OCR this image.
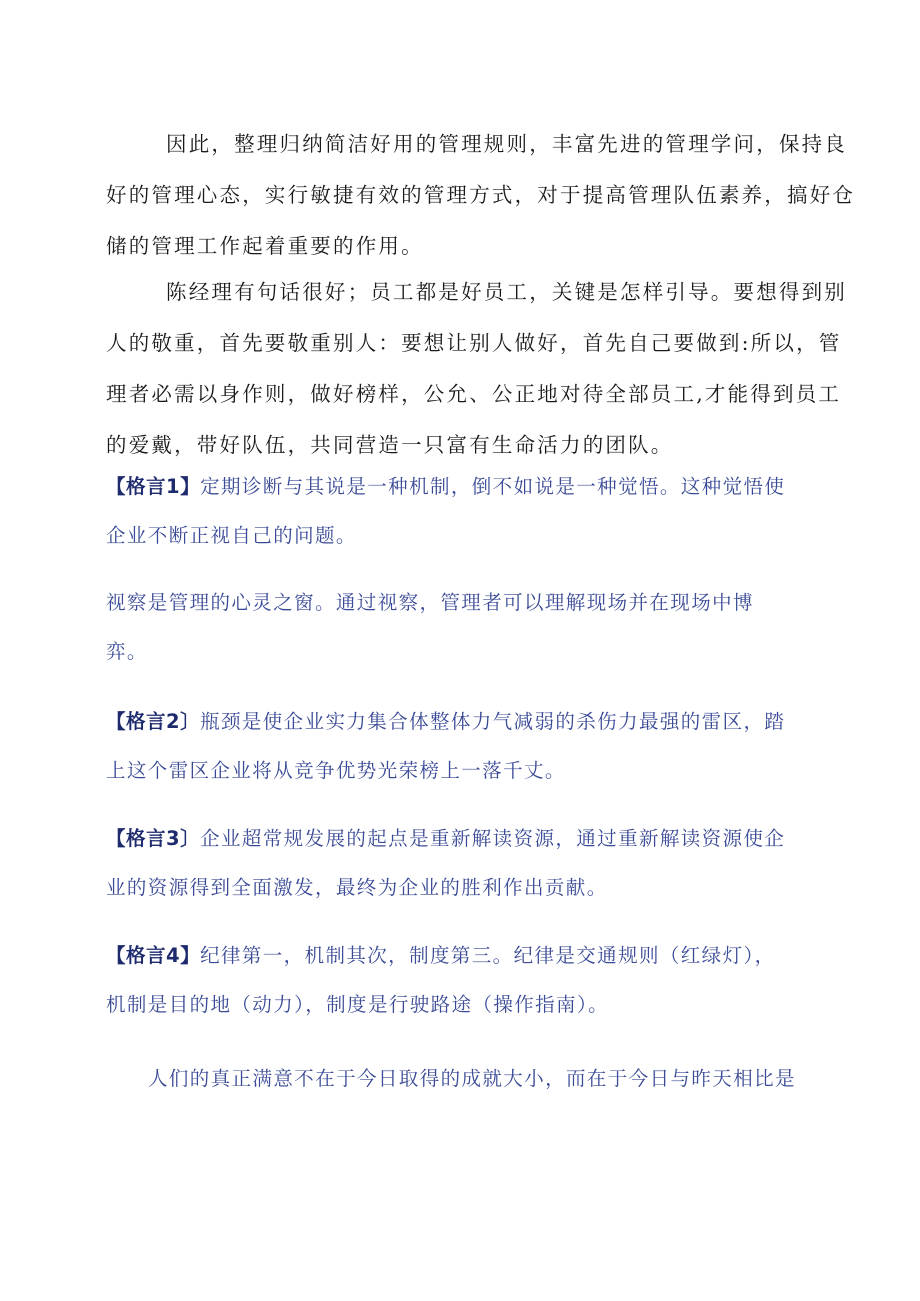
因此，整理归纳简洁好用的管理规则，丰富先进的管理学问，保持良
好的管理心态，实行敏捷有效的管理方式，对于提高管理队伍素养，搞好仓
储的管理工作起着重要的作用。

陈经理有句话很好；员工都是好员工，关键是怎样引导。要想得到别
人的敬重，首先要敬重别人：要想让别人做好，首先自己要做到:所以，管
理者必需以身作则，做好榜样，公允、公正地对待全部员工,才能得到员工
的爱戴，带好队伍，共同营造一只富有生命活力的团队。

【格言1】定期诊断与其说是一种机制，倒不如说是一种觉悟。这种觉悟使
企业不断正视自己的问题。

视察是管理的心灵之窗。通过视察，管理者可以理解现场并在现场中博
弈。

【格言2〕瓶颈是使企业实力集合体整体力气减弱的杀伤力最强的雷区，踏
上这个雷区企业将从竞争优势光荣榜上一落千丈。

【格言3〕企业超常规发展的起点是重新解读资源，通过重新解读资源使企
业的资源得到全面激发，最终为企业的胜利作出贡献。

【格言4】纪律第一，机制其次，制度第三。纪律是交通规则（红绿灯），
机制是目的地（动力），制度是行驶路途（操作指南）。

人们的真正满意不在于今日取得的成就大小，而在于今日与昨天相比是
